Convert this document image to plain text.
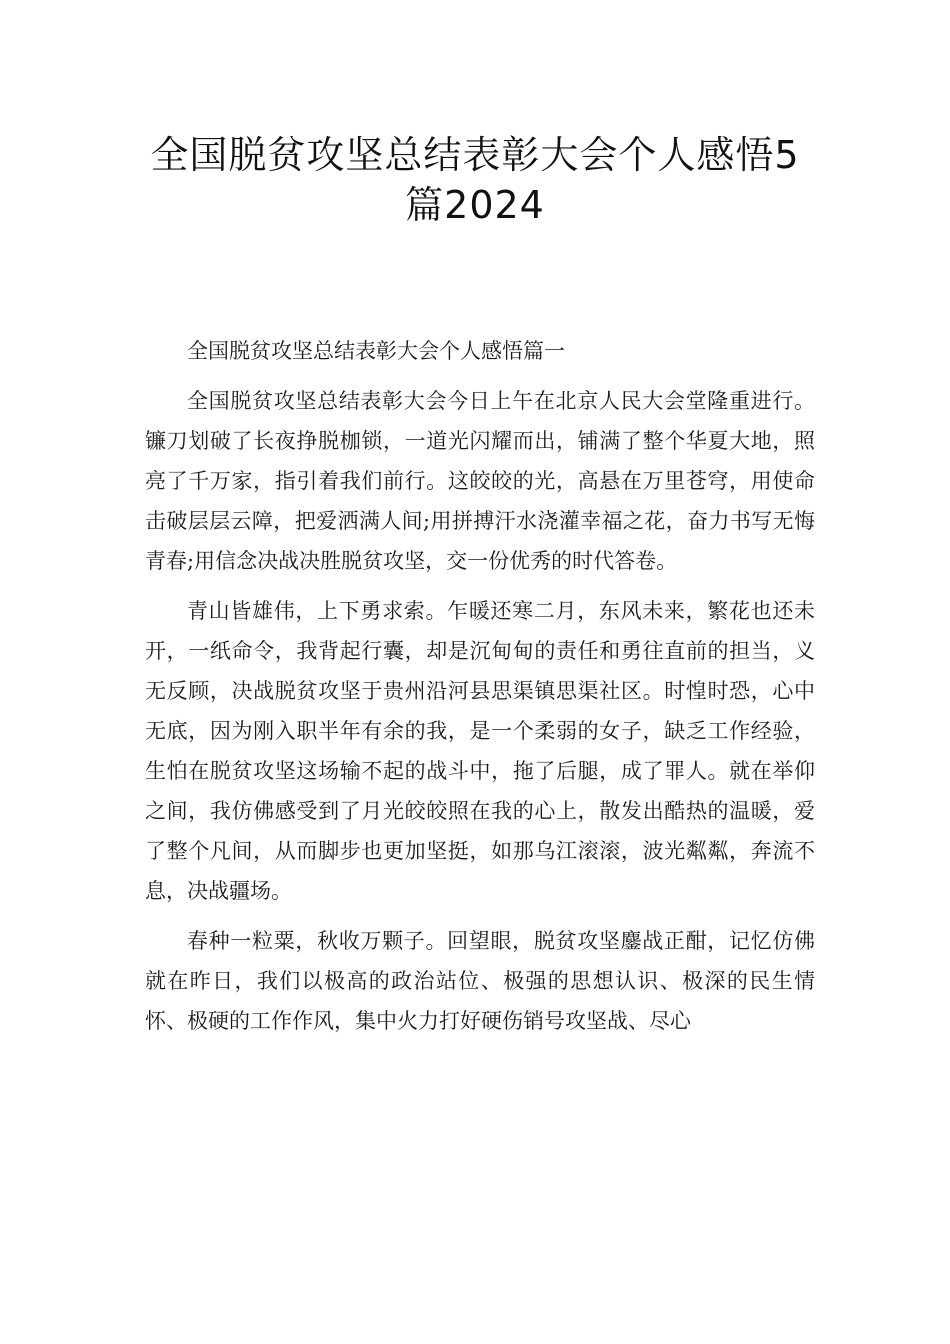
全国脱贫攻坚总结表彰大会个人感悟5
篇2024

全国脱贫攻坚总结表彰大会个人感悟篇一

全国脱贫攻坚总结表彰大会今日上午在北京人民大会堂隆重进行。镰刀划破了长夜挣脱枷锁，一道光闪耀而出，铺满了整个华夏大地，照亮了千万家，指引着我们前行。这皎皎的光，高悬在万里苍穹，用使命击破层层云障，把爱洒满人间;用拼搏汗水浇灌幸福之花，奋力书写无悔青春;用信念决战决胜脱贫攻坚，交一份优秀的时代答卷。

青山皆雄伟，上下勇求索。乍暖还寒二月，东风未来，繁花也还未开，一纸命令，我背起行囊，却是沉甸甸的责任和勇往直前的担当，义无反顾，决战脱贫攻坚于贵州沿河县思渠镇思渠社区。时惶时恐，心中无底，因为刚入职半年有余的我，是一个柔弱的女子，缺乏工作经验，生怕在脱贫攻坚这场输不起的战斗中，拖了后腿，成了罪人。就在举仰之间，我仿佛感受到了月光皎皎照在我的心上，散发出酷热的温暖，爱了整个凡间，从而脚步也更加坚挺，如那乌江滚滚，波光粼粼，奔流不息，决战疆场。

春种一粒粟，秋收万颗子。回望眼，脱贫攻坚鏖战正酣，记忆仿佛就在昨日，我们以极高的政治站位、极强的思想认识、极深的民生情怀、极硬的工作作风，集中火力打好硬伤销号攻坚战、尽心
